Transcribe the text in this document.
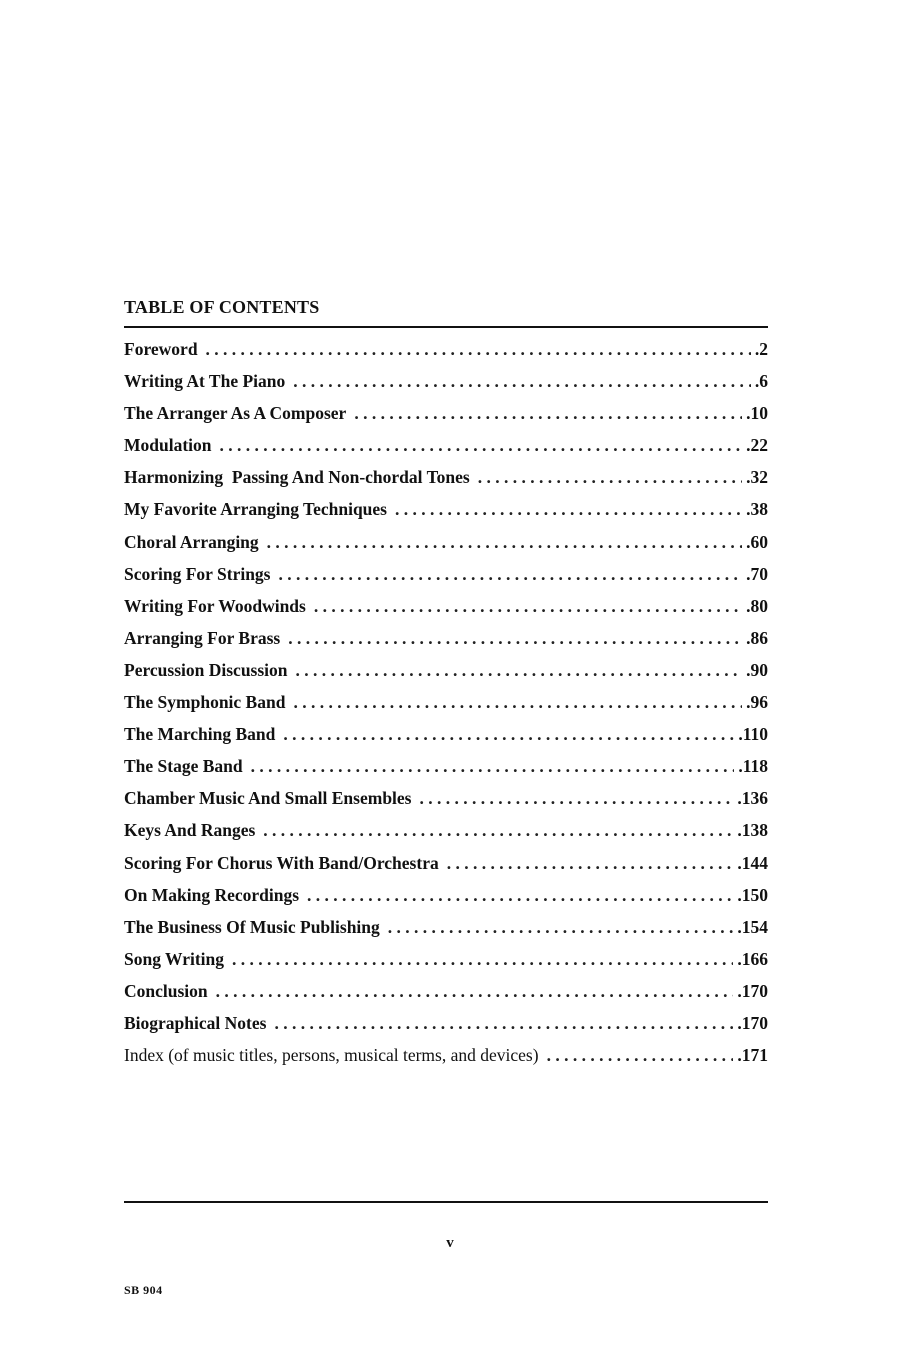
TABLE OF CONTENTS
Foreword . . .	. 2
Writing At The Piano . . .	. 6
The Arranger As A Composer . . .	. 10
Modulation . . .	. 22
Harmonizing  Passing And Non-chordal Tones . . .	. 32
My Favorite Arranging Techniques . . .	. 38
Choral Arranging . . .	. 60
Scoring For Strings . . .	. 70
Writing For Woodwinds . . .	. 80
Arranging For Brass . . .	. 86
Percussion Discussion . . .	. 90
The Symphonic Band . . .	. 96
The Marching Band . . .	. 110
The Stage Band . . .	. 118
Chamber Music And Small Ensembles . . .	. 136
Keys And Ranges . . .	. 138
Scoring For Chorus With Band/Orchestra . . .	. 144
On Making Recordings . . .	. 150
The Business Of Music Publishing . . .	. 154
Song Writing . . .	. 166
Conclusion . . .	. 170
Biographical Notes . . .	. 170
Index (of music titles, persons, musical terms, and devices) . . .	. 171
v
SB 904
